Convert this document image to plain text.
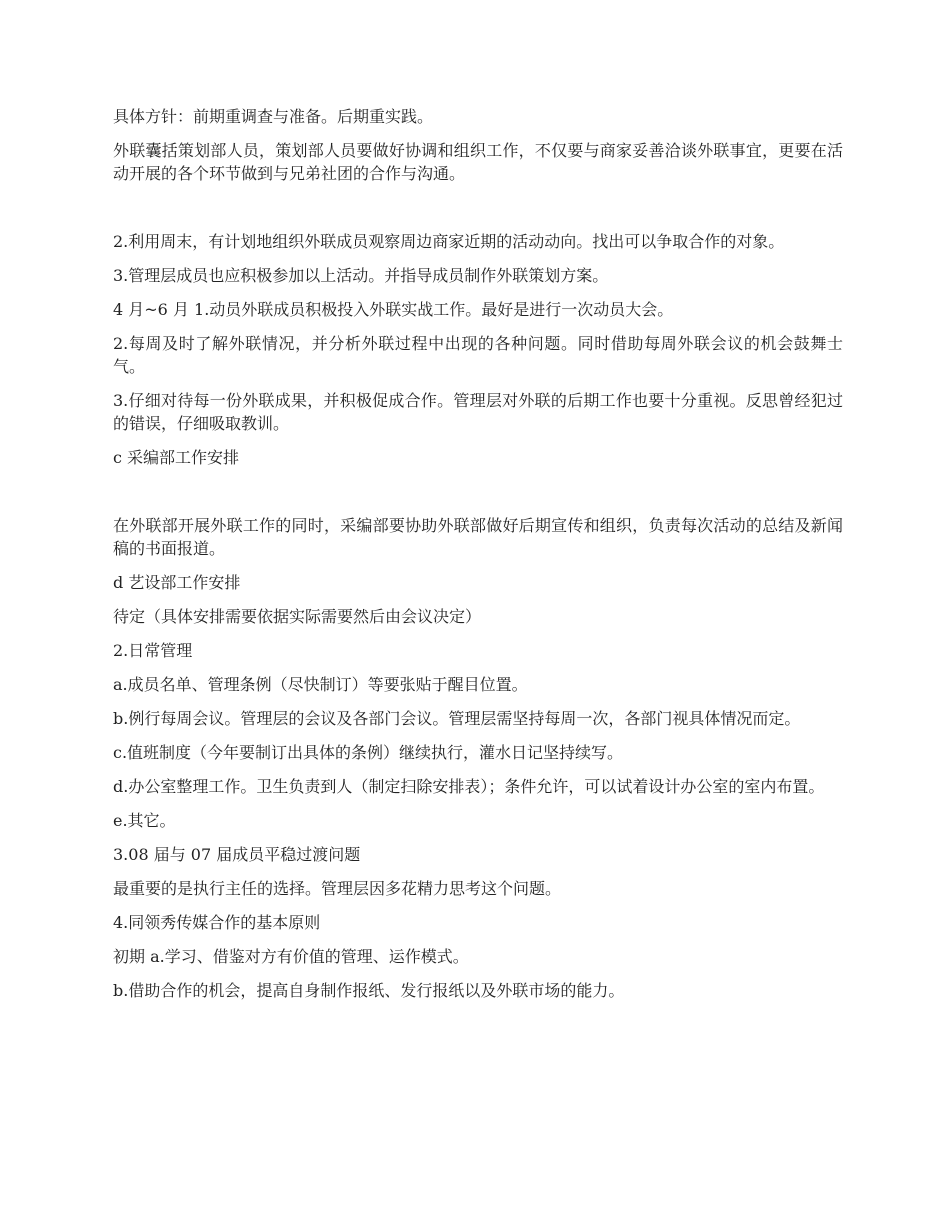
具体方针：前期重调查与准备。后期重实践。

外联囊括策划部人员，策划部人员要做好协调和组织工作，不仅要与商家妥善洽谈外联事宜，更要在活动开展的各个环节做到与兄弟社团的合作与沟通。

2.利用周末，有计划地组织外联成员观察周边商家近期的活动动向。找出可以争取合作的对象。

3.管理层成员也应积极参加以上活动。并指导成员制作外联策划方案。

4 月~6 月 1.动员外联成员积极投入外联实战工作。最好是进行一次动员大会。

2.每周及时了解外联情况，并分析外联过程中出现的各种问题。同时借助每周外联会议的机会鼓舞士气。

3.仔细对待每一份外联成果，并积极促成合作。管理层对外联的后期工作也要十分重视。反思曾经犯过的错误，仔细吸取教训。

c 采编部工作安排

在外联部开展外联工作的同时，采编部要协助外联部做好后期宣传和组织，负责每次活动的总结及新闻稿的书面报道。

d 艺设部工作安排

待定（具体安排需要依据实际需要然后由会议决定）

2.日常管理

a.成员名单、管理条例（尽快制订）等要张贴于醒目位置。

b.例行每周会议。管理层的会议及各部门会议。管理层需坚持每周一次，各部门视具体情况而定。

c.值班制度（今年要制订出具体的条例）继续执行，灌水日记坚持续写。

d.办公室整理工作。卫生负责到人（制定扫除安排表）；条件允许，可以试着设计办公室的室内布置。

e.其它。

3.08 届与 07 届成员平稳过渡问题

最重要的是执行主任的选择。管理层因多花精力思考这个问题。

4.同领秀传媒合作的基本原则

初期 a.学习、借鉴对方有价值的管理、运作模式。

b.借助合作的机会，提高自身制作报纸、发行报纸以及外联市场的能力。
